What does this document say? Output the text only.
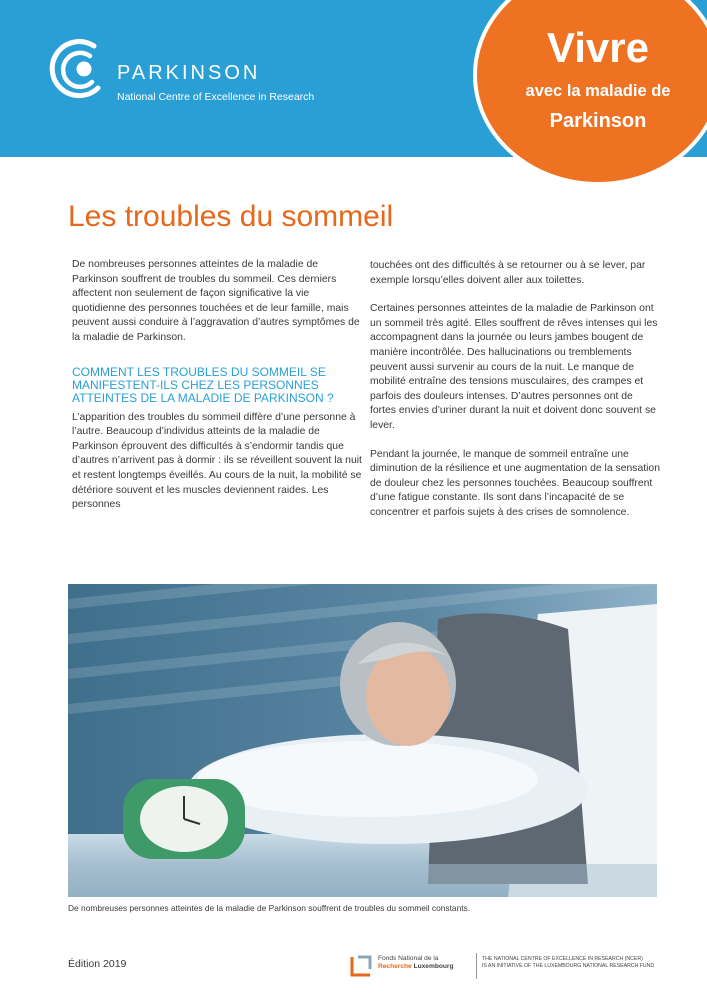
PARKINSON
National Centre of Excellence in Research
Vivre
avec la maladie de
Parkinson
Les troubles du sommeil

De nombreuses personnes atteintes de la maladie de Parkinson souffrent de troubles du sommeil. Ces derniers affectent non seulement de façon significative la vie quotidienne des personnes touchées et de leur famille, mais peuvent aussi conduire à l’aggravation d’autres symptômes de la maladie de Parkinson.

COMMENT LES TROUBLES DU SOMMEIL SE MANIFESTENT-ILS CHEZ LES PERSONNES ATTEINTES DE LA MALADIE DE PARKINSON ?

L’apparition des troubles du sommeil diffère d’une personne à l’autre. Beaucoup d’individus atteints de la maladie de Parkinson éprouvent des difficultés à s’endormir tandis que d’autres n’arrivent pas à dormir : ils se réveillent souvent la nuit et restent longtemps éveillés. Au cours de la nuit, la mobilité se détériore souvent et les muscles deviennent raides. Les personnes

touchées ont des difficultés à se retourner ou à se lever, par exemple lorsqu’elles doivent aller aux toilettes.

Certaines personnes atteintes de la maladie de Parkinson ont un sommeil très agité. Elles souffrent de rêves intenses qui les accompagnent dans la journée ou leurs jambes bougent de manière incontrôlée. Des hallucinations ou tremblements peuvent aussi survenir au cours de la nuit. Le manque de mobilité entraîne des tensions musculaires, des crampes et parfois des douleurs intenses. D’autres personnes ont de fortes envies d’uriner durant la nuit et doivent donc souvent se lever.

Pendant la journée, le manque de sommeil entraîne une diminution de la résilience et une augmentation de la sensation de douleur chez les personnes touchées. Beaucoup souffrent d’une fatigue constante. Ils sont dans l’incapacité de se concentrer et parfois sujets à des crises de somnolence.

De nombreuses personnes atteintes de la maladie de Parkinson souffrent de troubles du sommeil constants.
Édition 2019	Fonds National de la
Recherche Luxembourg
THE NATIONAL CENTRE OF EXCELLENCE IN RESEARCH (NCER)
IS AN INITIATIVE OF THE LUXEMBOURG NATIONAL RESEARCH FUND
